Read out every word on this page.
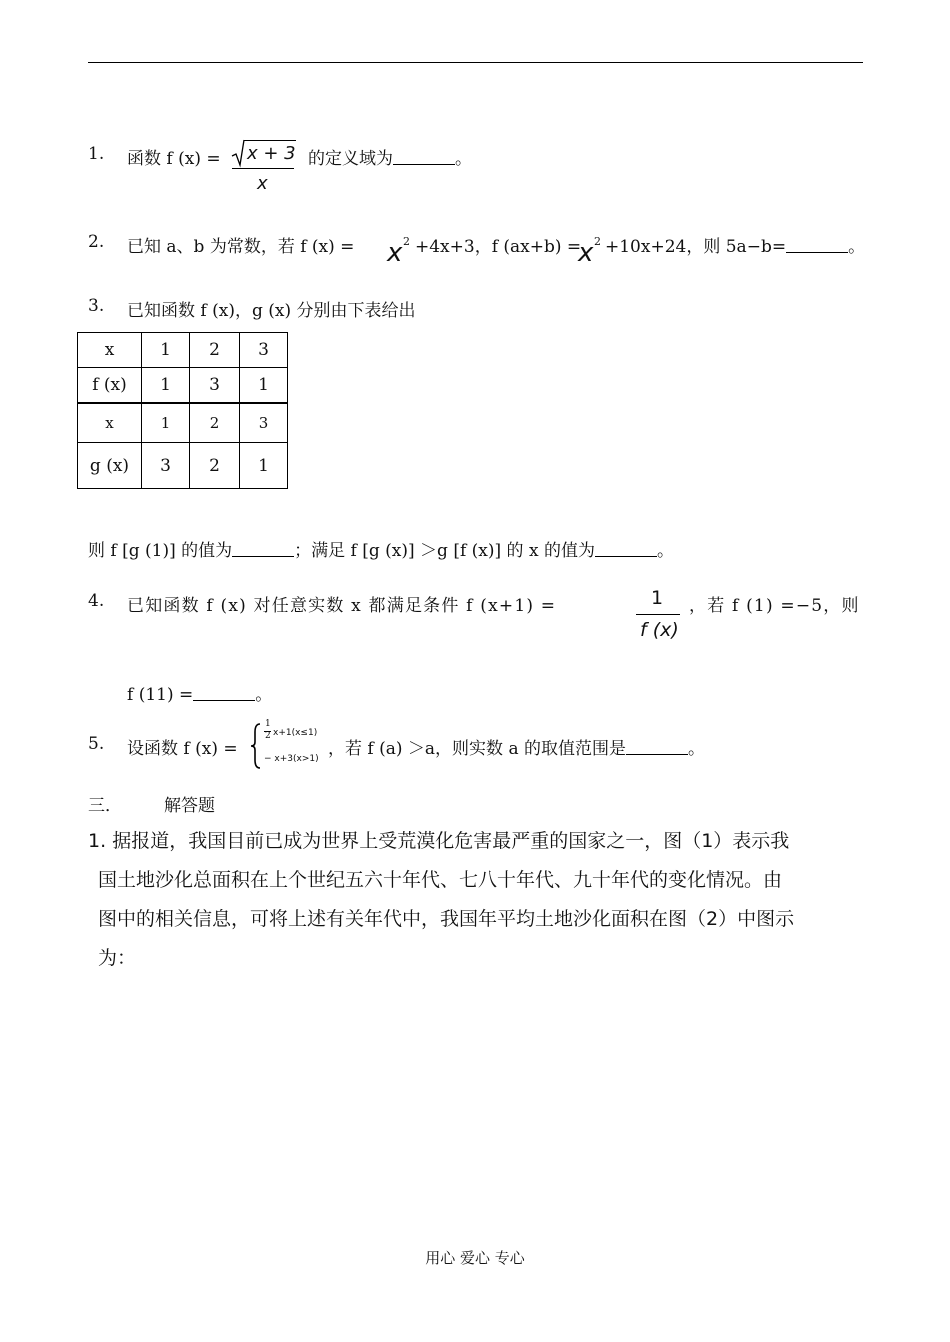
1. 函数 f (x) = x + 3
x
的定义域为	。
2. 已知 a、b 为常数，若 f (x) = x 2 +4x+3，f (ax+b) =
x 2 +10x+24，则 5a−b=	。
3. 已知函数 f (x)，g (x) 分别由下表给出
x	1	2	3
f (x)	1	3	1
x	1	2	3
g (x)	3	2	1
则 f [g (1)] 的值为	；满足 f [g (x)] ＞g [f (x)] 的 x 的值为	。
4. 已知函数 f (x) 对任意实数 x 都满足条件 f (x+1) =	1
f (x)
，若 f (1) =−5，则
f (11) =	。
5. 设函数 f (x) =
1
2 x+1(x≤1)
− x+3(x>1) ，若 f (a) ＞a，则实数 a 的取值范围是	。
三． 解答题
1. 据报道，我国目前已成为世界上受荒漠化危害最严重的国家之一，图（1）表示我
国土地沙化总面积在上个世纪五六十年代、七八十年代、九十年代的变化情况。由
图中的相关信息，可将上述有关年代中，我国年平均土地沙化面积在图（2）中图示
为：
用心 爱心 专心
